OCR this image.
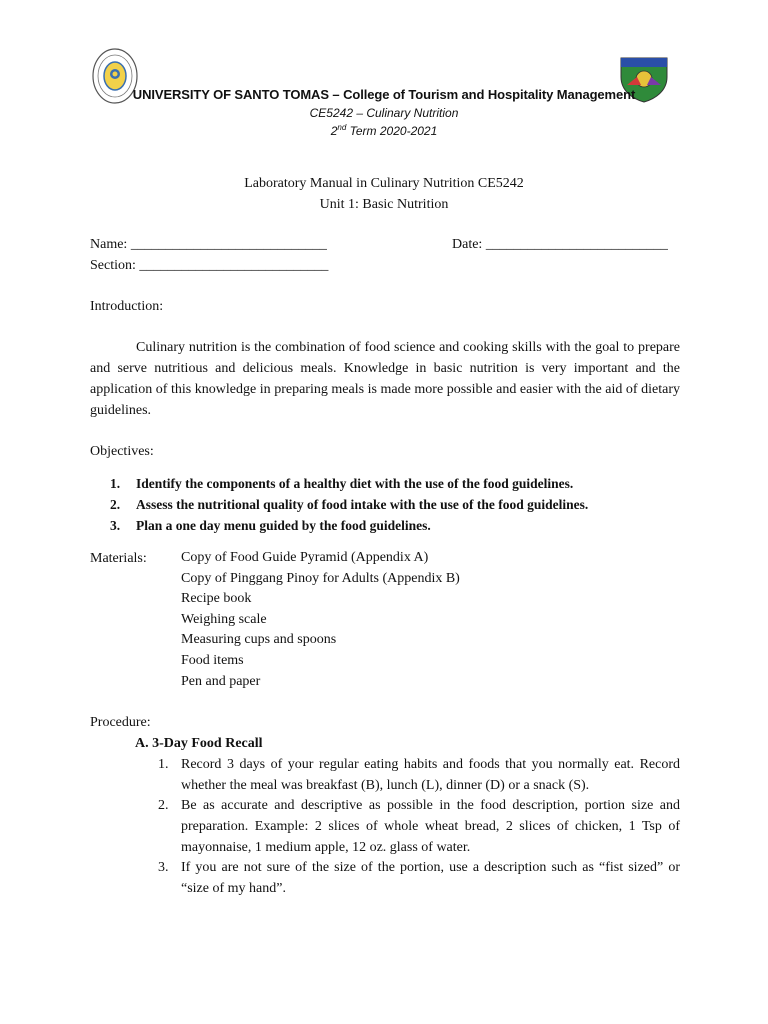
UNIVERSITY OF SANTO TOMAS – College of Tourism and Hospitality Management
CE5242 – Culinary Nutrition
2nd Term 2020-2021
Laboratory Manual in Culinary Nutrition CE5242
Unit 1: Basic Nutrition
Name: ____________________________	Date: __________________________
Section: ___________________________
Introduction:
Culinary nutrition is the combination of food science and cooking skills with the goal to prepare and serve nutritious and delicious meals. Knowledge in basic nutrition is very important and the application of this knowledge in preparing meals is made more possible and easier with the aid of dietary guidelines.
Objectives:
1. Identify the components of a healthy diet with the use of the food guidelines.
2. Assess the nutritional quality of food intake with the use of the food guidelines.
3. Plan a one day menu guided by the food guidelines.
Materials: Copy of Food Guide Pyramid (Appendix A)
Copy of Pinggang Pinoy for Adults (Appendix B)
Recipe book
Weighing scale
Measuring cups and spoons
Food items
Pen and paper
Procedure:
A. 3-Day Food Recall
1. Record 3 days of your regular eating habits and foods that you normally eat. Record whether the meal was breakfast (B), lunch (L), dinner (D) or a snack (S).
2. Be as accurate and descriptive as possible in the food description, portion size and preparation. Example: 2 slices of whole wheat bread, 2 slices of chicken, 1 Tsp of mayonnaise, 1 medium apple, 12 oz. glass of water.
3. If you are not sure of the size of the portion, use a description such as “fist sized” or “size of my hand”.
